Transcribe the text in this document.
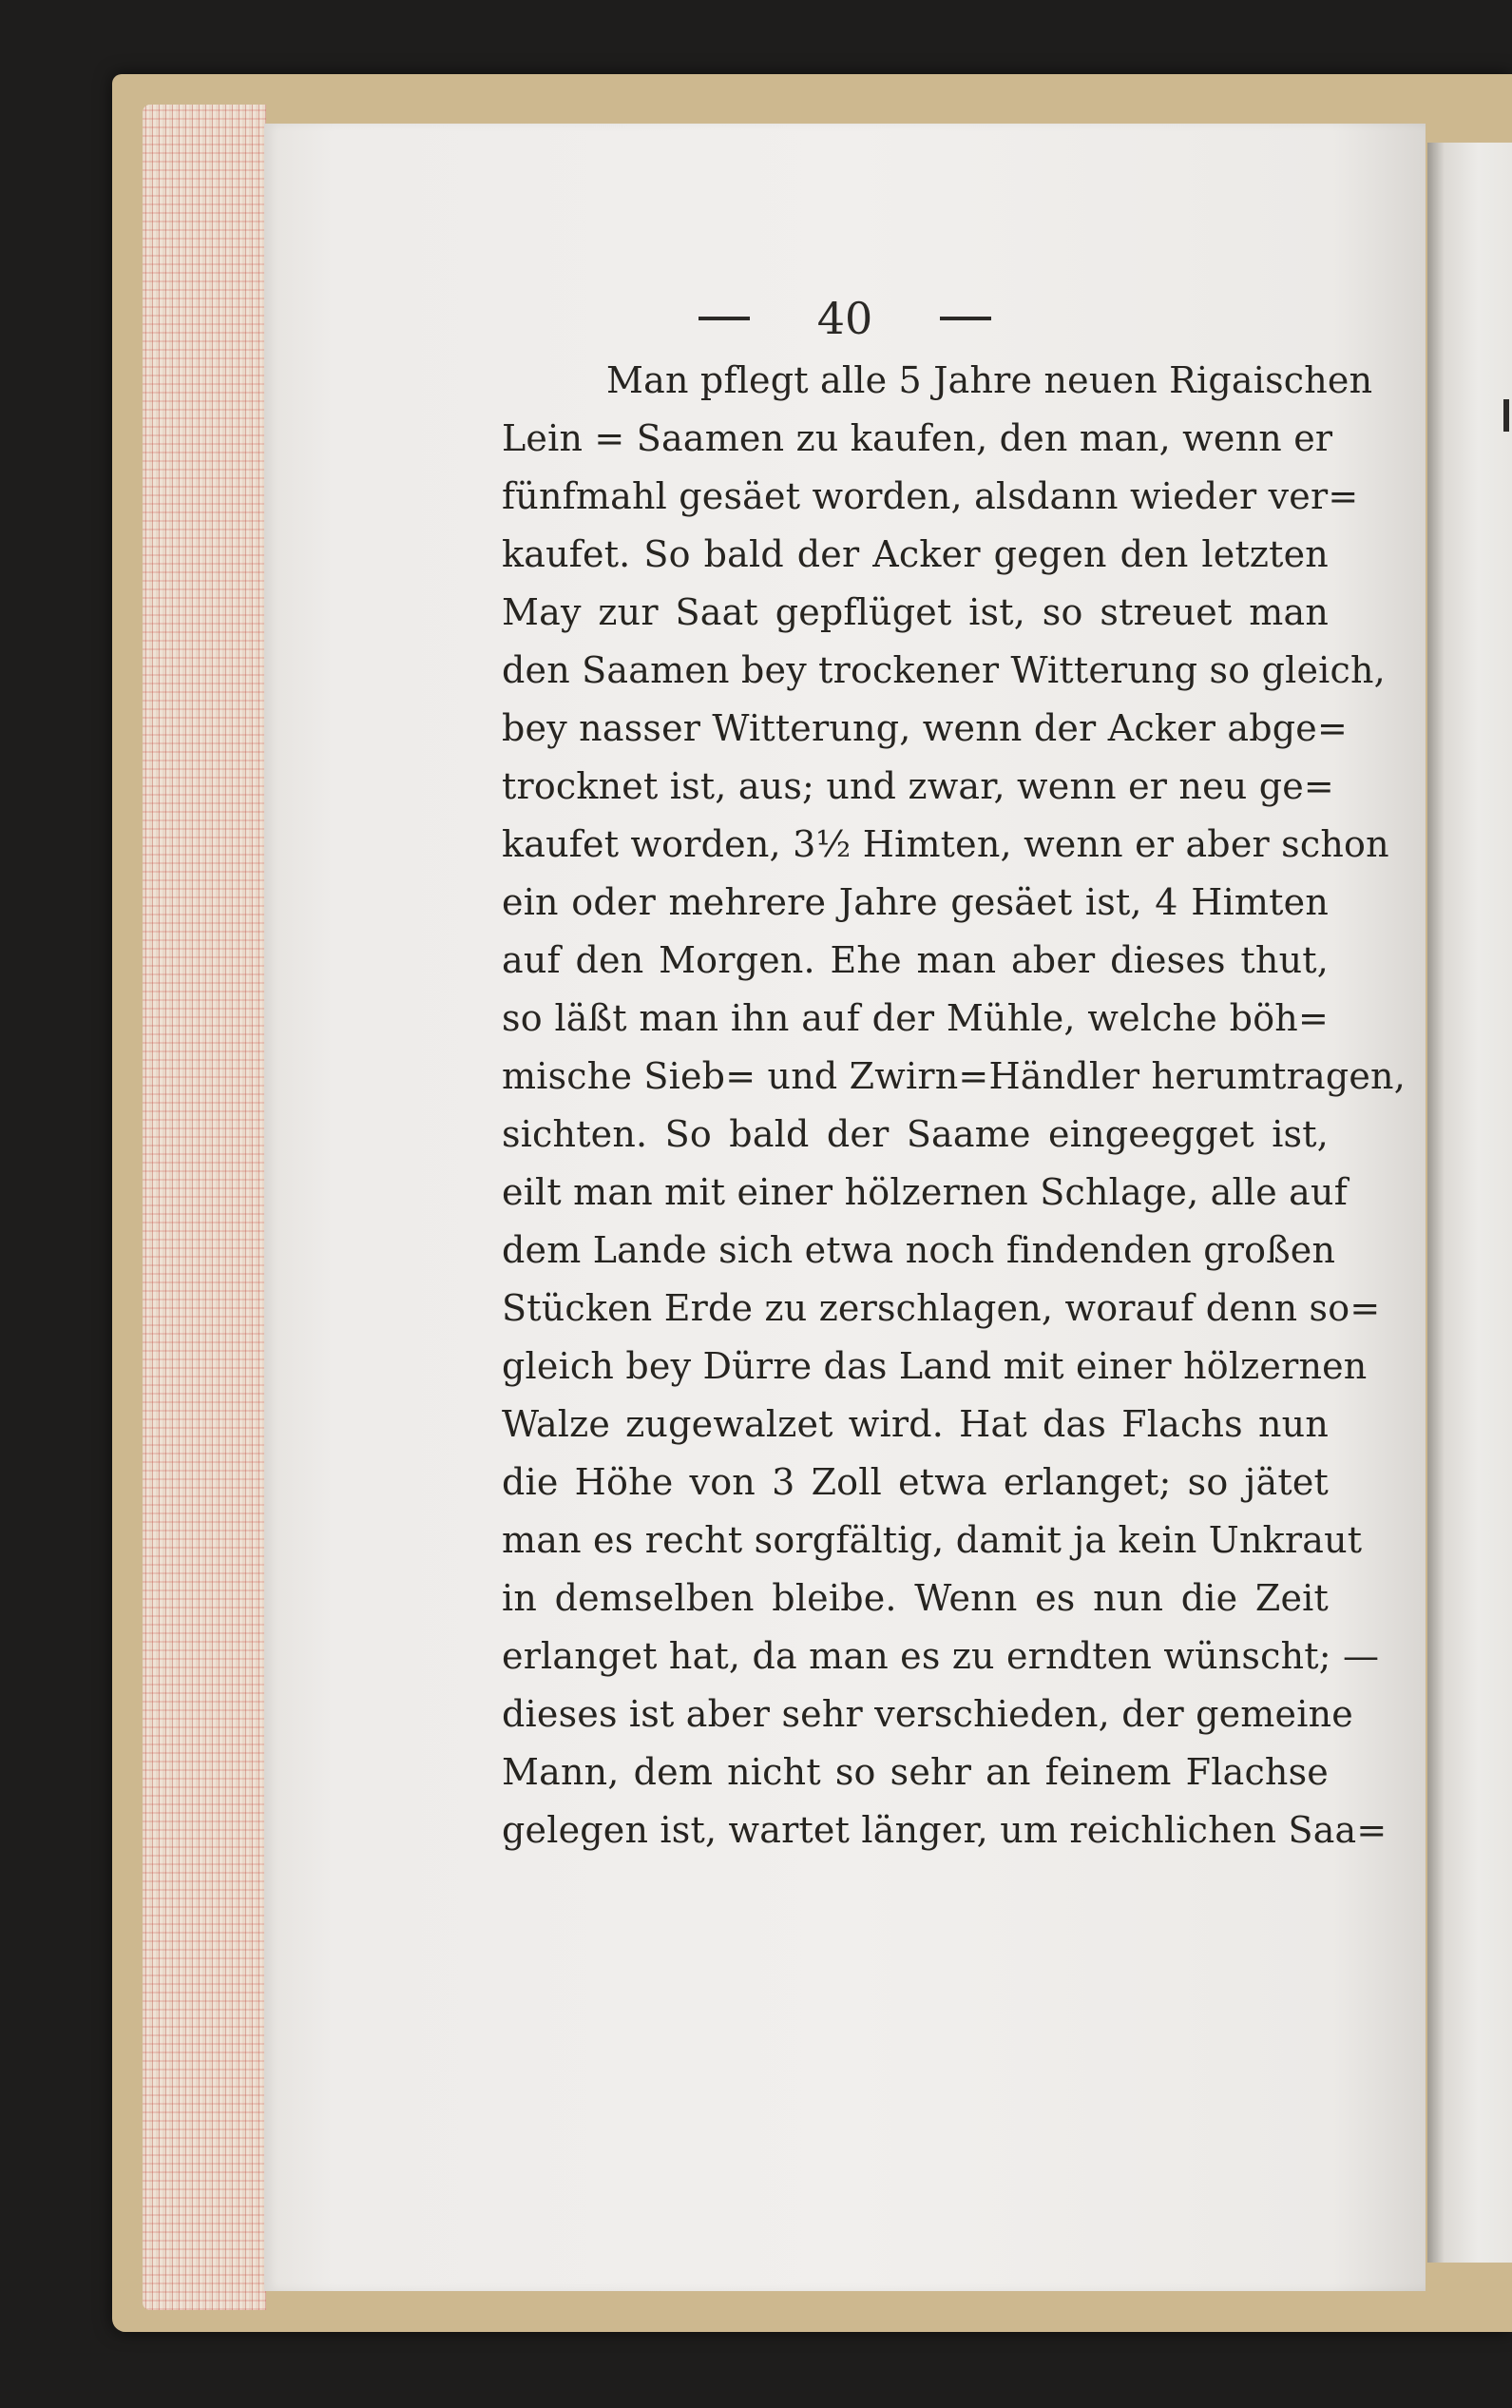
40
Man pflegt alle 5 Jahre neuen Rigaischen
Lein = Saamen zu kaufen, den man, wenn er
fünfmahl gesäet worden, alsdann wieder ver=
kaufet. So bald der Acker gegen den letzten
May zur Saat gepflüget ist, so streuet man
den Saamen bey trockener Witterung so gleich,
bey nasser Witterung, wenn der Acker abge=
trocknet ist, aus; und zwar, wenn er neu ge=
kaufet worden, 3½ Himten, wenn er aber schon
ein oder mehrere Jahre gesäet ist, 4 Himten
auf den Morgen. Ehe man aber dieses thut,
so läßt man ihn auf der Mühle, welche böh=
mische Sieb= und Zwirn=Händler herumtragen,
sichten. So bald der Saame eingeegget ist,
eilt man mit einer hölzernen Schlage, alle auf
dem Lande sich etwa noch findenden großen
Stücken Erde zu zerschlagen, worauf denn so=
gleich bey Dürre das Land mit einer hölzernen
Walze zugewalzet wird. Hat das Flachs nun
die Höhe von 3 Zoll etwa erlanget; so jätet
man es recht sorgfältig, damit ja kein Unkraut
in demselben bleibe. Wenn es nun die Zeit
erlanget hat, da man es zu erndten wünscht; —
dieses ist aber sehr verschieden, der gemeine
Mann, dem nicht so sehr an feinem Flachse
gelegen ist, wartet länger, um reichlichen Saa=
